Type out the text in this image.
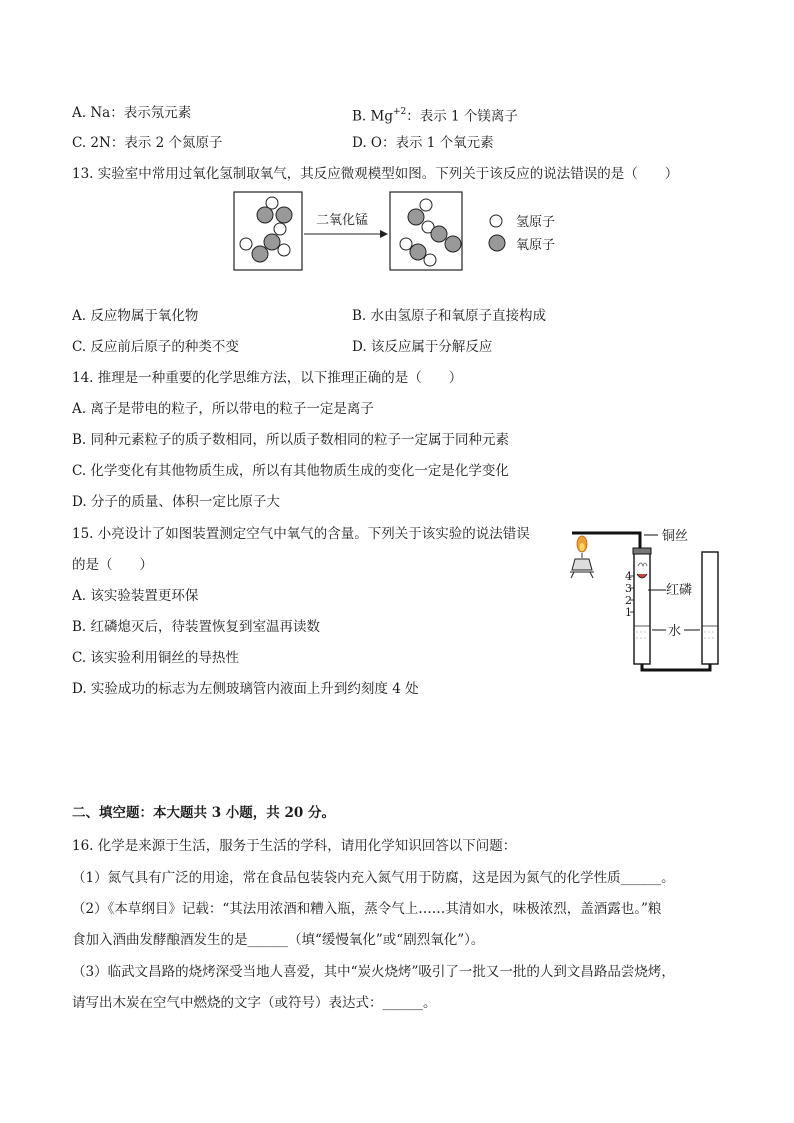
A. Na：表示氖元素	B. $Mg^{+2}$：表示 1 个镁离子
C. 2N：表示 2 个氮原子	D. O：表示 1 个氧元素
13. 实验室中常用过氧化氢制取氧气，其反应微观模型如图。下列关于该反应的说法错误的是（　　）
二氧化锰	氢原子
氧原子
A. 反应物属于氧化物	B. 水由氢原子和氧原子直接构成
C. 反应前后原子的种类不变	D. 该反应属于分解反应
14. 推理是一种重要的化学思维方法，以下推理正确的是（　　）
A. 离子是带电的粒子，所以带电的粒子一定是离子
B. 同种元素粒子的质子数相同，所以质子数相同的粒子一定属于同种元素
C. 化学变化有其他物质生成，所以有其他物质生成的变化一定是化学变化
D. 分子的质量、体积一定比原子大
15. 小亮设计了如图装置测定空气中氧气的含量。下列关于该实验的说法错误
的是（　　）
A. 该实验装置更环保
B. 红磷熄灭后，待装置恢复到室温再读数
C. 该实验利用铜丝的导热性
D. 实验成功的标志为左侧玻璃管内液面上升到约刻度 4 处
铜丝
红磷
4
3
2
1
水
二、填空题：本大题共 3 小题，共 20 分。
16. 化学是来源于生活，服务于生活的学科，请用化学知识回答以下问题：
（1）氮气具有广泛的用途，常在食品包装袋内充入氮气用于防腐，这是因为氮气的化学性质______。
（2）《本草纲目》记载：“其法用浓酒和糟入瓶，蒸令气上……其清如水，味极浓烈，盖酒露也。”粮
食加入酒曲发酵酿酒发生的是______（填“缓慢氧化”或“剧烈氧化”）。
（3）临武文昌路的烧烤深受当地人喜爱，其中“炭火烧烤”吸引了一批又一批的人到文昌路品尝烧烤，
请写出木炭在空气中燃烧的文字（或符号）表达式：______。
